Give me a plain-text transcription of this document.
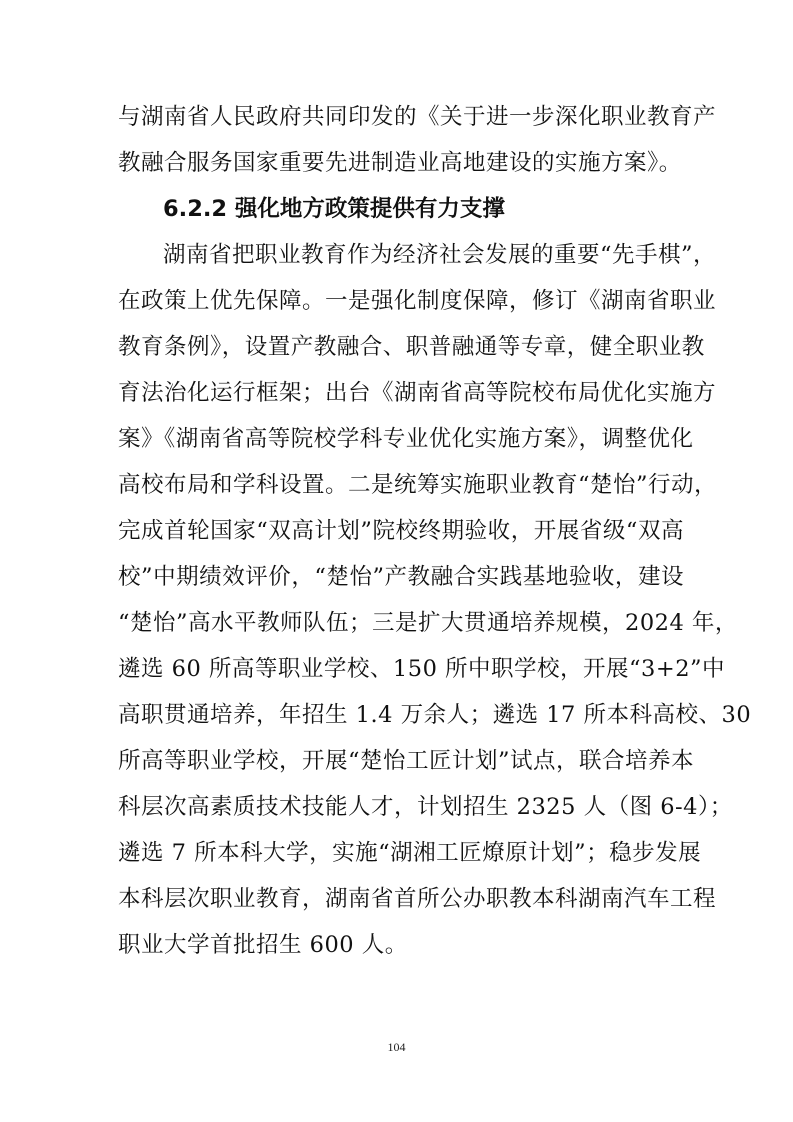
与湖南省人民政府共同印发的《关于进一步深化职业教育产
教融合服务国家重要先进制造业高地建设的实施方案》。
6.2.2 强化地方政策提供有力支撑
湖南省把职业教育作为经济社会发展的重要“先手棋”，
在政策上优先保障。一是强化制度保障，修订《湖南省职业
教育条例》，设置产教融合、职普融通等专章，健全职业教
育法治化运行框架；出台《湖南省高等院校布局优化实施方
案》《湖南省高等院校学科专业优化实施方案》，调整优化
高校布局和学科设置。二是统筹实施职业教育“楚怡”行动，
完成首轮国家“双高计划”院校终期验收，开展省级“双高
校”中期绩效评价，“楚怡”产教融合实践基地验收，建设
“楚怡”高水平教师队伍；三是扩大贯通培养规模，2024 年，
遴选 60 所高等职业学校、150 所中职学校，开展“3+2”中
高职贯通培养，年招生 1.4 万余人；遴选 17 所本科高校、30
所高等职业学校，开展“楚怡工匠计划”试点，联合培养本
科层次高素质技术技能人才，计划招生 2325 人（图 6-4）；
遴选 7 所本科大学，实施“湖湘工匠燎原计划”；稳步发展
本科层次职业教育，湖南省首所公办职教本科湖南汽车工程
职业大学首批招生 600 人。
104
